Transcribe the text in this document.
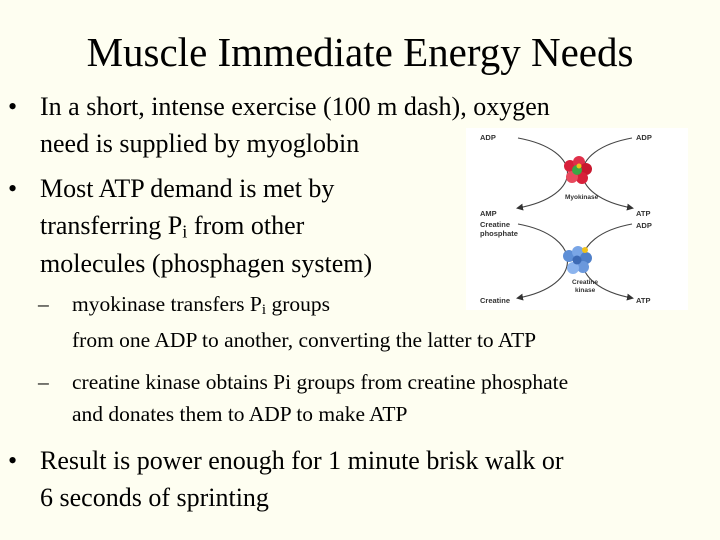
Muscle Immediate Energy Needs
• In a short, intense exercise (100 m dash), oxygen
need is supplied by myoglobin
• Most ATP demand is met by
transferring $P_i$ from other
molecules (phosphagen system)
– myokinase transfers $P_i$ groups
from one ADP to another, converting the latter to ATP
– creatine kinase obtains Pi groups from creatine phosphate
and donates them to ADP to make ATP
• Result is power enough for 1 minute brisk walk or
6 seconds of sprinting
ADP	ADP
Myokinase
AMP	ATP
Creatine
phosphate
ADP
Creatine
kinase
Creatine	ATP
